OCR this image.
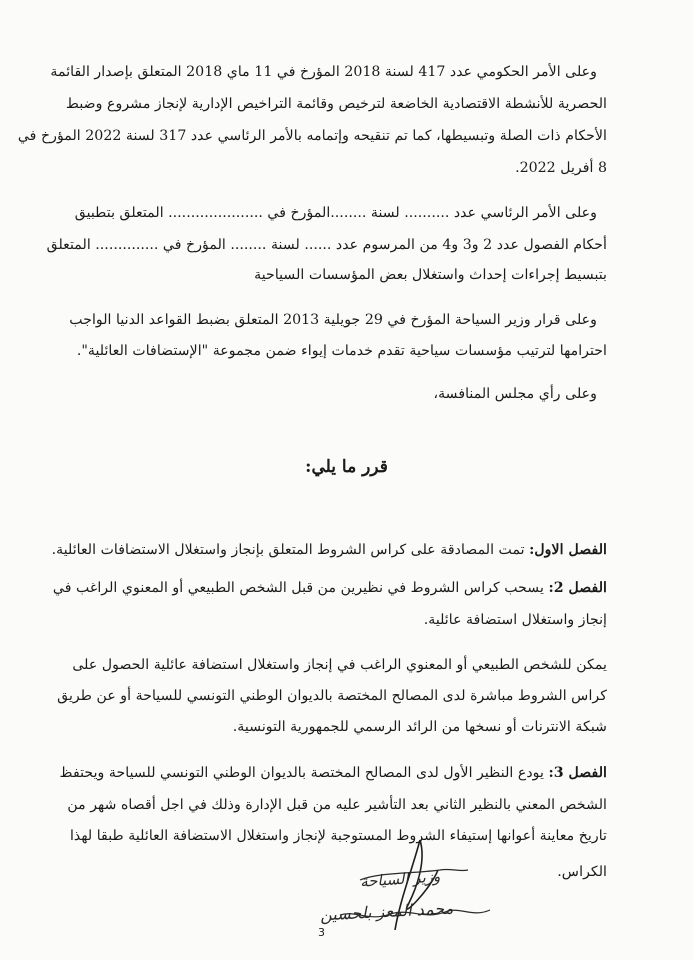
وعلى الأمر الحكومي عدد 417 لسنة 2018 المؤرخ في 11 ماي 2018 المتعلق بإصدار القائمة
الحصرية للأنشطة الاقتصادية الخاضعة لترخيص وقائمة التراخيص الإدارية لإنجاز مشروع وضبط
الأحكام ذات الصلة وتبسيطها، كما تم تنقيحه وإتمامه بالأمر الرئاسي عدد 317 لسنة 2022 المؤرخ في
8 أفريل 2022.
وعلى الأمر الرئاسي عدد .......... لسنة ........المؤرخ في ..................... المتعلق بتطبيق
أحكام الفصول عدد 2 و3 و4 من المرسوم عدد ...... لسنة ........ المؤرخ في .............. المتعلق
بتبسيط إجراءات إحداث واستغلال بعض المؤسسات السياحية
وعلى قرار وزير السياحة المؤرخ في 29 جويلية 2013 المتعلق بضبط القواعد الدنيا الواجب
احترامها لترتيب مؤسسات سياحية تقدم خدمات إيواء ضمن مجموعة "الإستضافات العائلية".
وعلى رأي مجلس المنافسة،
قرر ما يلي:
الفصل الاول: تمت المصادقة على كراس الشروط المتعلق بإنجاز واستغلال الاستضافات العائلية.
الفصل 2: يسحب كراس الشروط في نظيرين من قبل الشخص الطبيعي أو المعنوي الراغب في
إنجاز واستغلال استضافة عائلية.
يمكن للشخص الطبيعي أو المعنوي الراغب في إنجاز واستغلال استضافة عائلية الحصول على
كراس الشروط مباشرة لدى المصالح المختصة بالديوان الوطني التونسي للسياحة أو عن طريق
شبكة الانترنات أو نسخها من الرائد الرسمي للجمهورية التونسية.
الفصل 3: يودع النظير الأول لدى المصالح المختصة بالديوان الوطني التونسي للسياحة ويحتفظ
الشخص المعني بالنظير الثاني بعد التأشير عليه من قبل الإدارة وذلك في اجل أقصاه شهر من
تاريخ معاينة أعوانها إستيفاء الشروط المستوجبة لإنجاز واستغلال الاستضافة العائلية طبقا لهذا
الكراس.
وزير السياحة
محمد المعز بلحسين
3
